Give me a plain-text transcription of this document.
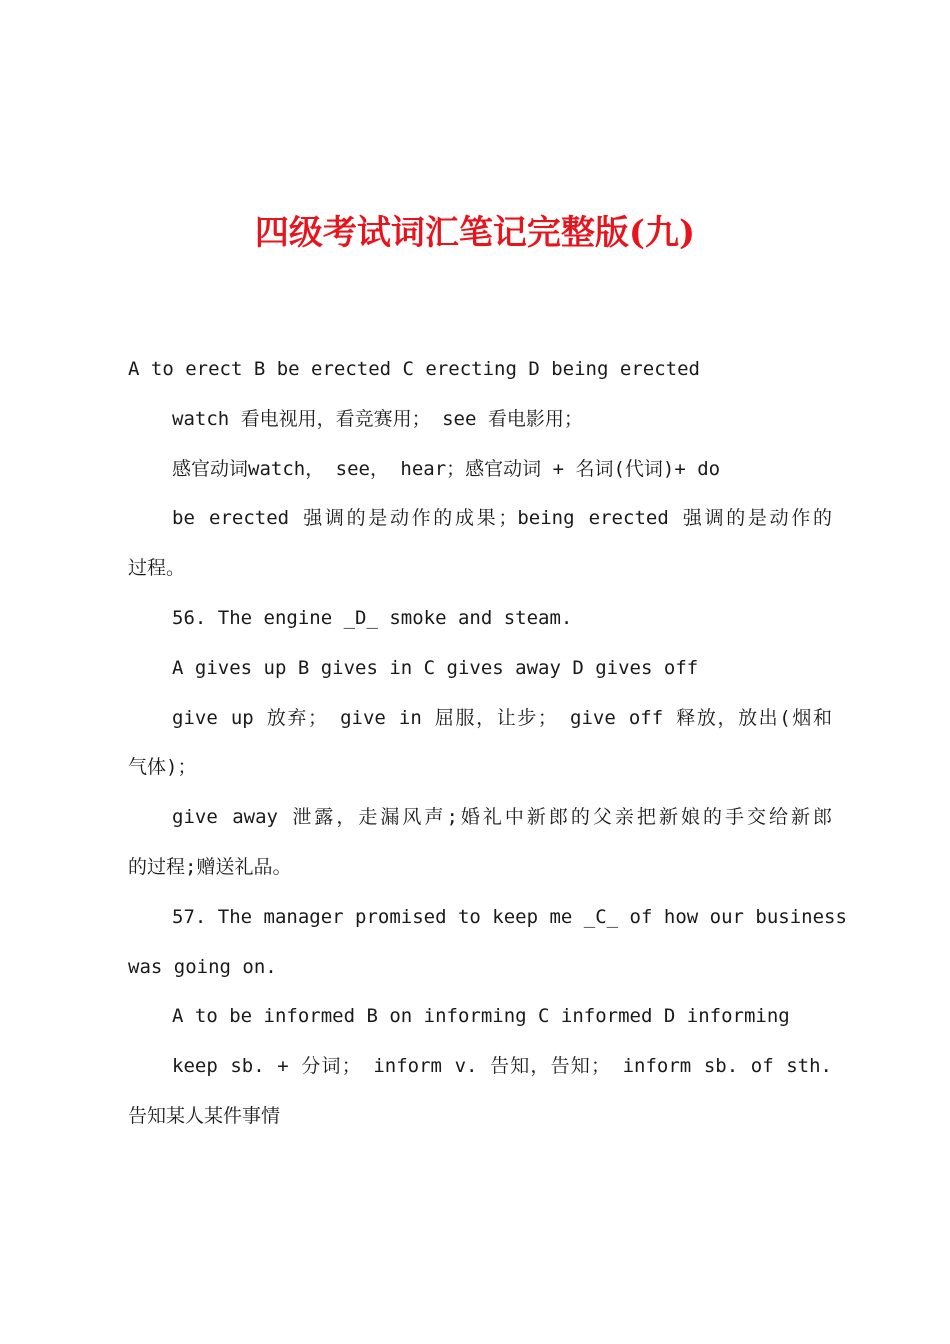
四级考试词汇笔记完整版(九)
A to erect B be erected C erecting D being erected
watch 看电视用，看竞赛用； see 看电影用；
感官动词watch， see， hear；感官动词 + 名词(代词)+ do
be erected 强调的是动作的成果；being erected 强调的是动作的
过程。
56. The engine _D_ smoke and steam.
A gives up B gives in C gives away D gives off
give up 放弃； give in 屈服，让步； give off 释放，放出(烟和
气体)；
give away 泄露，走漏风声;婚礼中新郎的父亲把新娘的手交给新郎
的过程;赠送礼品。
57. The manager promised to keep me _C_ of how our business
was going on.
A to be informed B on informing C informed D informing
keep sb. + 分词； inform v. 告知，告知； inform sb. of sth.
告知某人某件事情
